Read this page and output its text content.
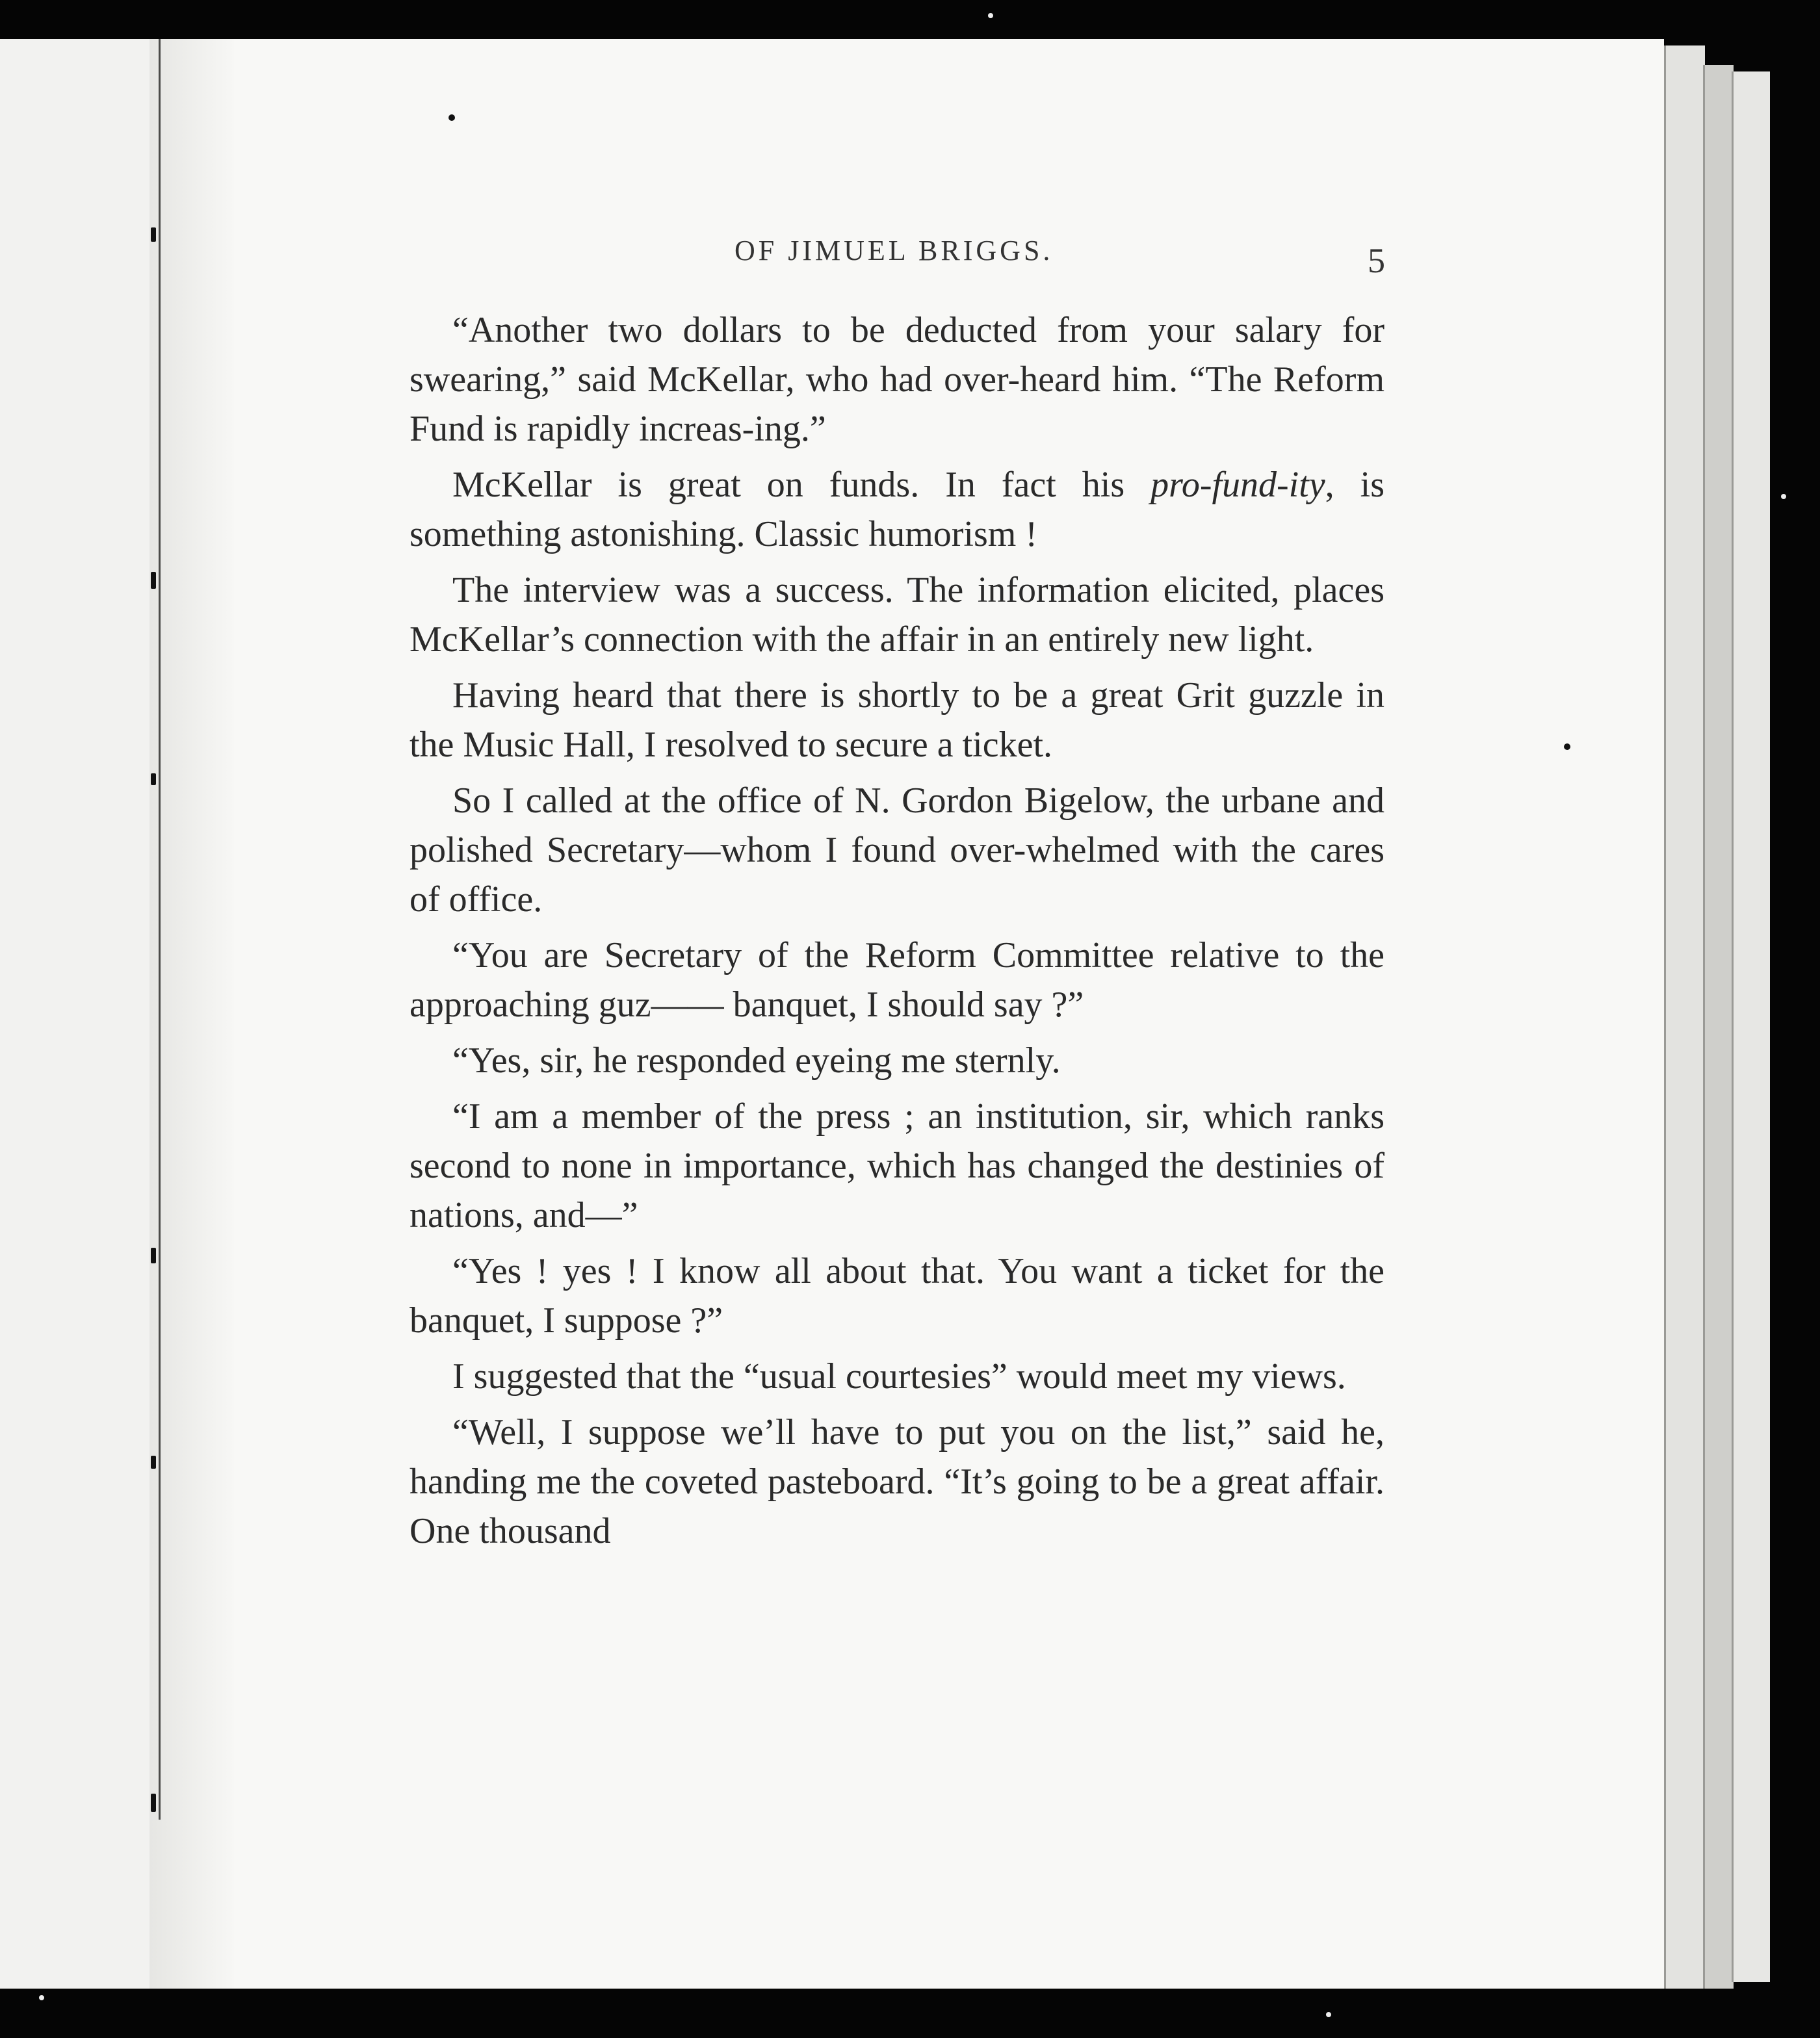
OF JIMUEL BRIGGS.	5

“Another two dollars to be deducted from your salary for swearing,” said McKellar, who had over-heard him. “The Reform Fund is rapidly increas-ing.”

McKellar is great on funds. In fact his pro-fund-ity, is something astonishing. Classic humorism !

The interview was a success. The information elicited, places McKellar’s connection with the affair in an entirely new light.

Having heard that there is shortly to be a great Grit guzzle in the Music Hall, I resolved to secure a ticket.

So I called at the office of N. Gordon Bigelow, the urbane and polished Secretary—whom I found over-whelmed with the cares of office.

“You are Secretary of the Reform Committee relative to the approaching guz—— banquet, I should say ?”

“Yes, sir, he responded eyeing me sternly.

“I am a member of the press ; an institution, sir, which ranks second to none in importance, which has changed the destinies of nations, and—”

“Yes ! yes ! I know all about that. You want a ticket for the banquet, I suppose ?”

I suggested that the “usual courtesies” would meet my views.

“Well, I suppose we’ll have to put you on the list,” said he, handing me the coveted pasteboard. “It’s going to be a great affair. One thousand
